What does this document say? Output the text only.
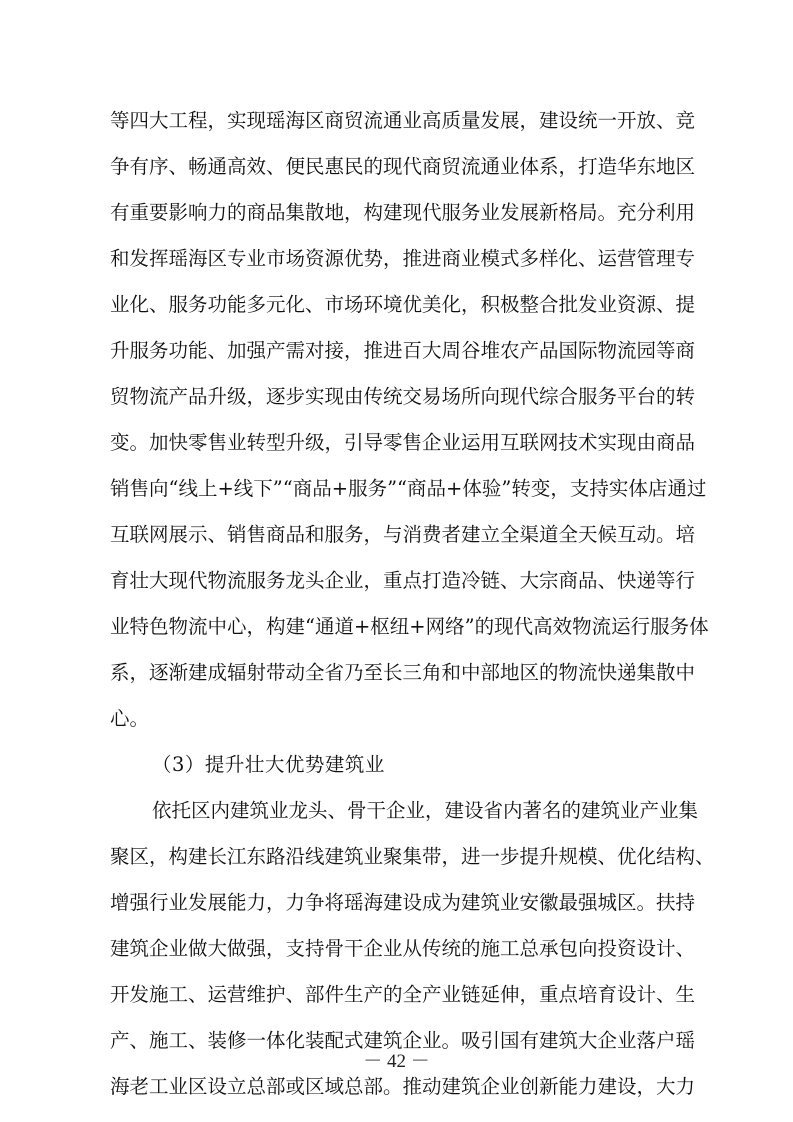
等四大工程，实现瑶海区商贸流通业高质量发展，建设统一开放、竞
争有序、畅通高效、便民惠民的现代商贸流通业体系，打造华东地区
有重要影响力的商品集散地，构建现代服务业发展新格局。充分利用
和发挥瑶海区专业市场资源优势，推进商业模式多样化、运营管理专
业化、服务功能多元化、市场环境优美化，积极整合批发业资源、提
升服务功能、加强产需对接，推进百大周谷堆农产品国际物流园等商
贸物流产品升级，逐步实现由传统交易场所向现代综合服务平台的转
变。加快零售业转型升级，引导零售企业运用互联网技术实现由商品
销售向“线上+线下”“商品+服务”“商品+体验”转变，支持实体店通过
互联网展示、销售商品和服务，与消费者建立全渠道全天候互动。培
育壮大现代物流服务龙头企业，重点打造冷链、大宗商品、快递等行
业特色物流中心，构建“通道+枢纽+网络”的现代高效物流运行服务体
系，逐渐建成辐射带动全省乃至长三角和中部地区的物流快递集散中
心。
（3）提升壮大优势建筑业
依托区内建筑业龙头、骨干企业，建设省内著名的建筑业产业集
聚区，构建长江东路沿线建筑业聚集带，进一步提升规模、优化结构、
增强行业发展能力，力争将瑶海建设成为建筑业安徽最强城区。扶持
建筑企业做大做强，支持骨干企业从传统的施工总承包向投资设计、
开发施工、运营维护、部件生产的全产业链延伸，重点培育设计、生
产、施工、装修一体化装配式建筑企业。吸引国有建筑大企业落户瑶
海老工业区设立总部或区域总部。推动建筑企业创新能力建设，大力
－ 42 －
